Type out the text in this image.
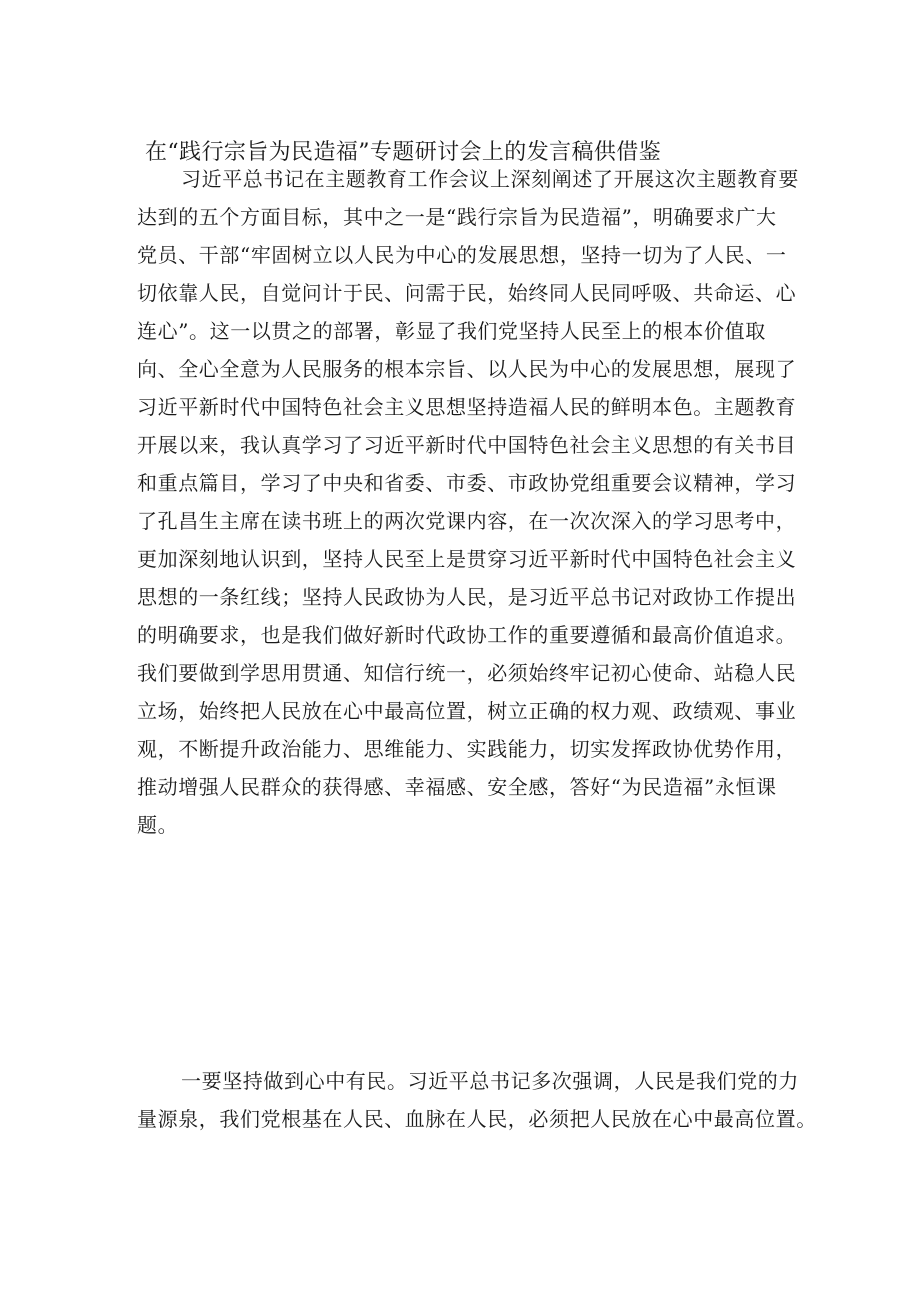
在“践行宗旨为民造福”专题研讨会上的发言稿供借鉴
习近平总书记在主题教育工作会议上深刻阐述了开展这次主题教育要
达到的五个方面目标，其中之一是“践行宗旨为民造福”，明确要求广大
党员、干部“牢固树立以人民为中心的发展思想，坚持一切为了人民、一
切依靠人民，自觉问计于民、问需于民，始终同人民同呼吸、共命运、心
连心”。这一以贯之的部署，彰显了我们党坚持人民至上的根本价值取
向、全心全意为人民服务的根本宗旨、以人民为中心的发展思想，展现了
习近平新时代中国特色社会主义思想坚持造福人民的鲜明本色。主题教育
开展以来，我认真学习了习近平新时代中国特色社会主义思想的有关书目
和重点篇目，学习了中央和省委、市委、市政协党组重要会议精神，学习
了孔昌生主席在读书班上的两次党课内容，在一次次深入的学习思考中，
更加深刻地认识到，坚持人民至上是贯穿习近平新时代中国特色社会主义
思想的一条红线；坚持人民政协为人民，是习近平总书记对政协工作提出
的明确要求，也是我们做好新时代政协工作的重要遵循和最高价值追求。
我们要做到学思用贯通、知信行统一，必须始终牢记初心使命、站稳人民
立场，始终把人民放在心中最高位置，树立正确的权力观、政绩观、事业
观，不断提升政治能力、思维能力、实践能力，切实发挥政协优势作用，
推动增强人民群众的获得感、幸福感、安全感，答好“为民造福”永恒课
题。
一要坚持做到心中有民。习近平总书记多次强调，人民是我们党的力
量源泉，我们党根基在人民、血脉在人民，必须把人民放在心中最高位置。
